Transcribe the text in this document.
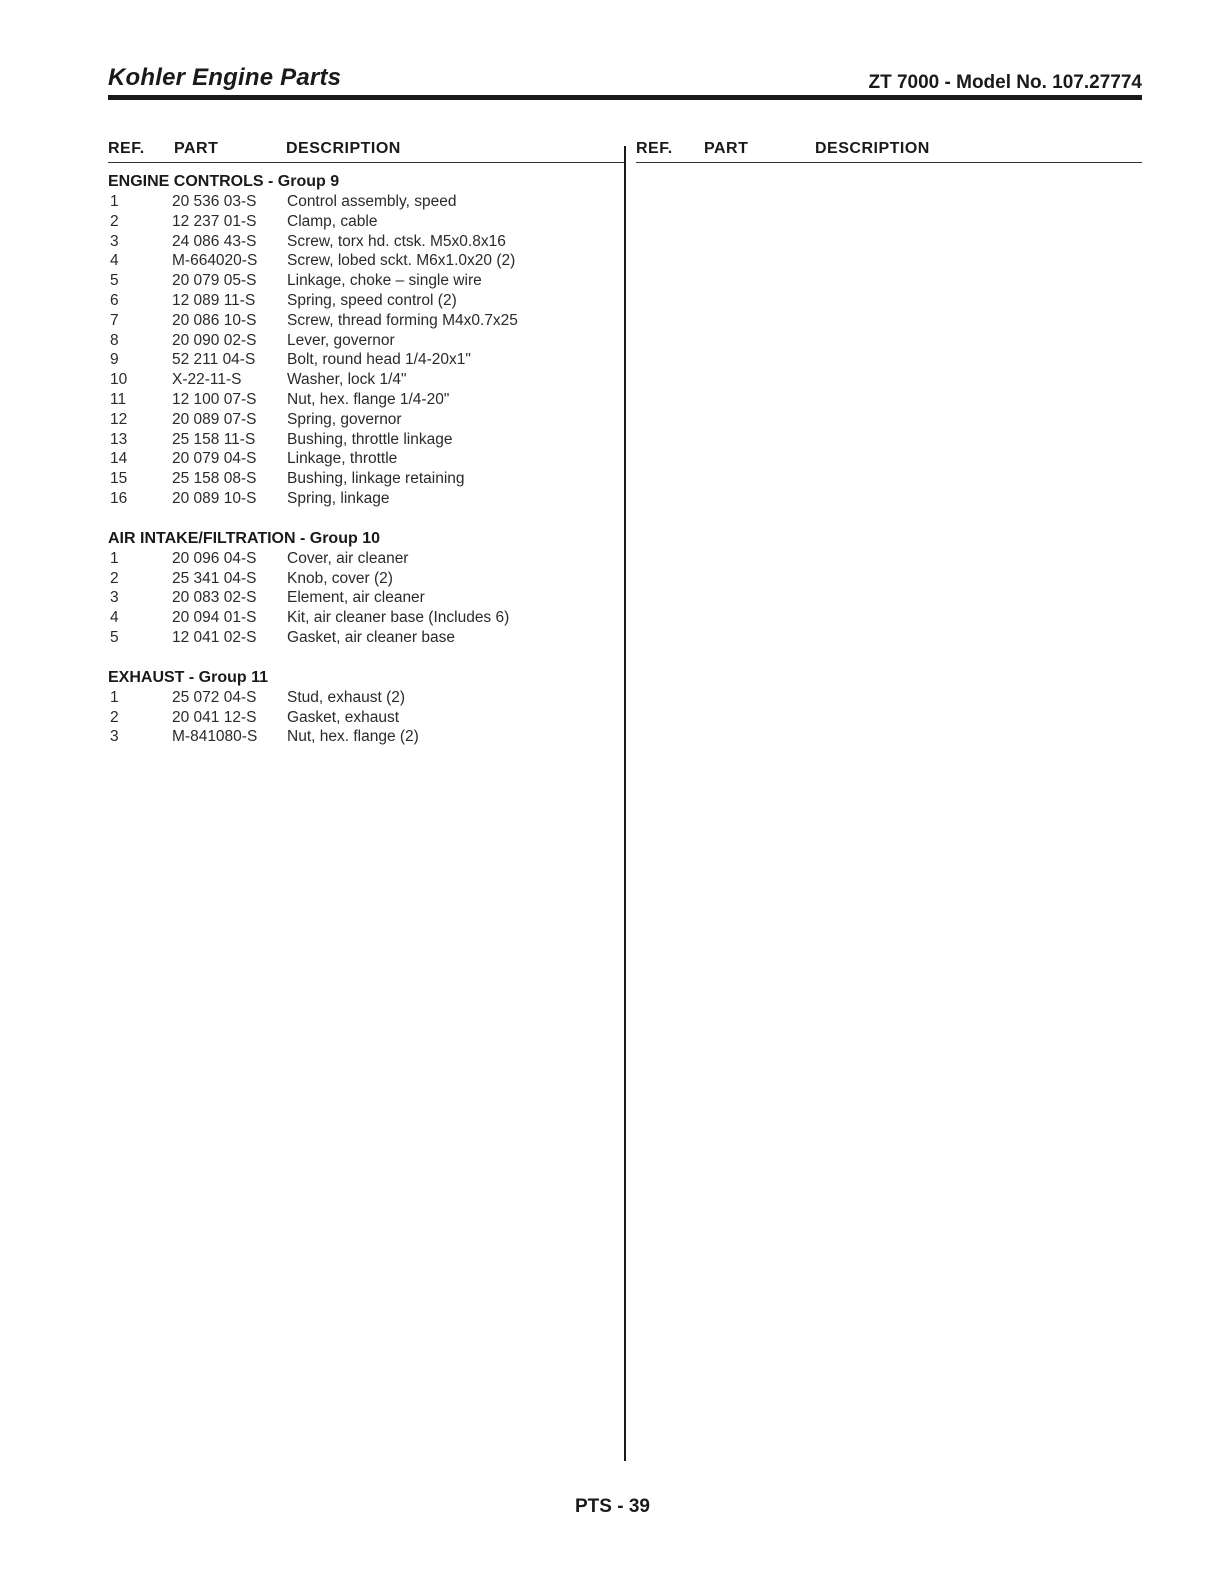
Kohler Engine Parts	ZT 7000 - Model No. 107.27774
REF. PART	DESCRIPTION	REF. PART	DESCRIPTION
ENGINE CONTROLS - Group 9
1	20 536 03-S Control assembly, speed
2	12 237 01-S Clamp, cable
3	24 086 43-S Screw, torx hd. ctsk. M5x0.8x16
4	M-664020-S Screw, lobed sckt. M6x1.0x20 (2)
5	20 079 05-S Linkage, choke – single wire
6	12 089 11-S Spring, speed control (2)
7	20 086 10-S Screw, thread forming M4x0.7x25
8	20 090 02-S Lever, governor
9	52 211 04-S Bolt, round head 1/4-20x1"
10	X-22-11-S	Washer, lock 1/4"
11	12 100 07-S Nut, hex. flange 1/4-20"
12	20 089 07-S Spring, governor
13	25 158 11-S Bushing, throttle linkage
14	20 079 04-S Linkage, throttle
15	25 158 08-S Bushing, linkage retaining
16	20 089 10-S Spring, linkage
AIR INTAKE/FILTRATION - Group 10
1	20 096 04-S Cover, air cleaner
2	25 341 04-S Knob, cover (2)
3	20 083 02-S Element, air cleaner
4	20 094 01-S Kit, air cleaner base (Includes 6)
5	12 041 02-S Gasket, air cleaner base
EXHAUST - Group 11
1	25 072 04-S Stud, exhaust (2)
2	20 041 12-S Gasket, exhaust
3	M-841080-S Nut, hex. flange (2)
PTS - 39
